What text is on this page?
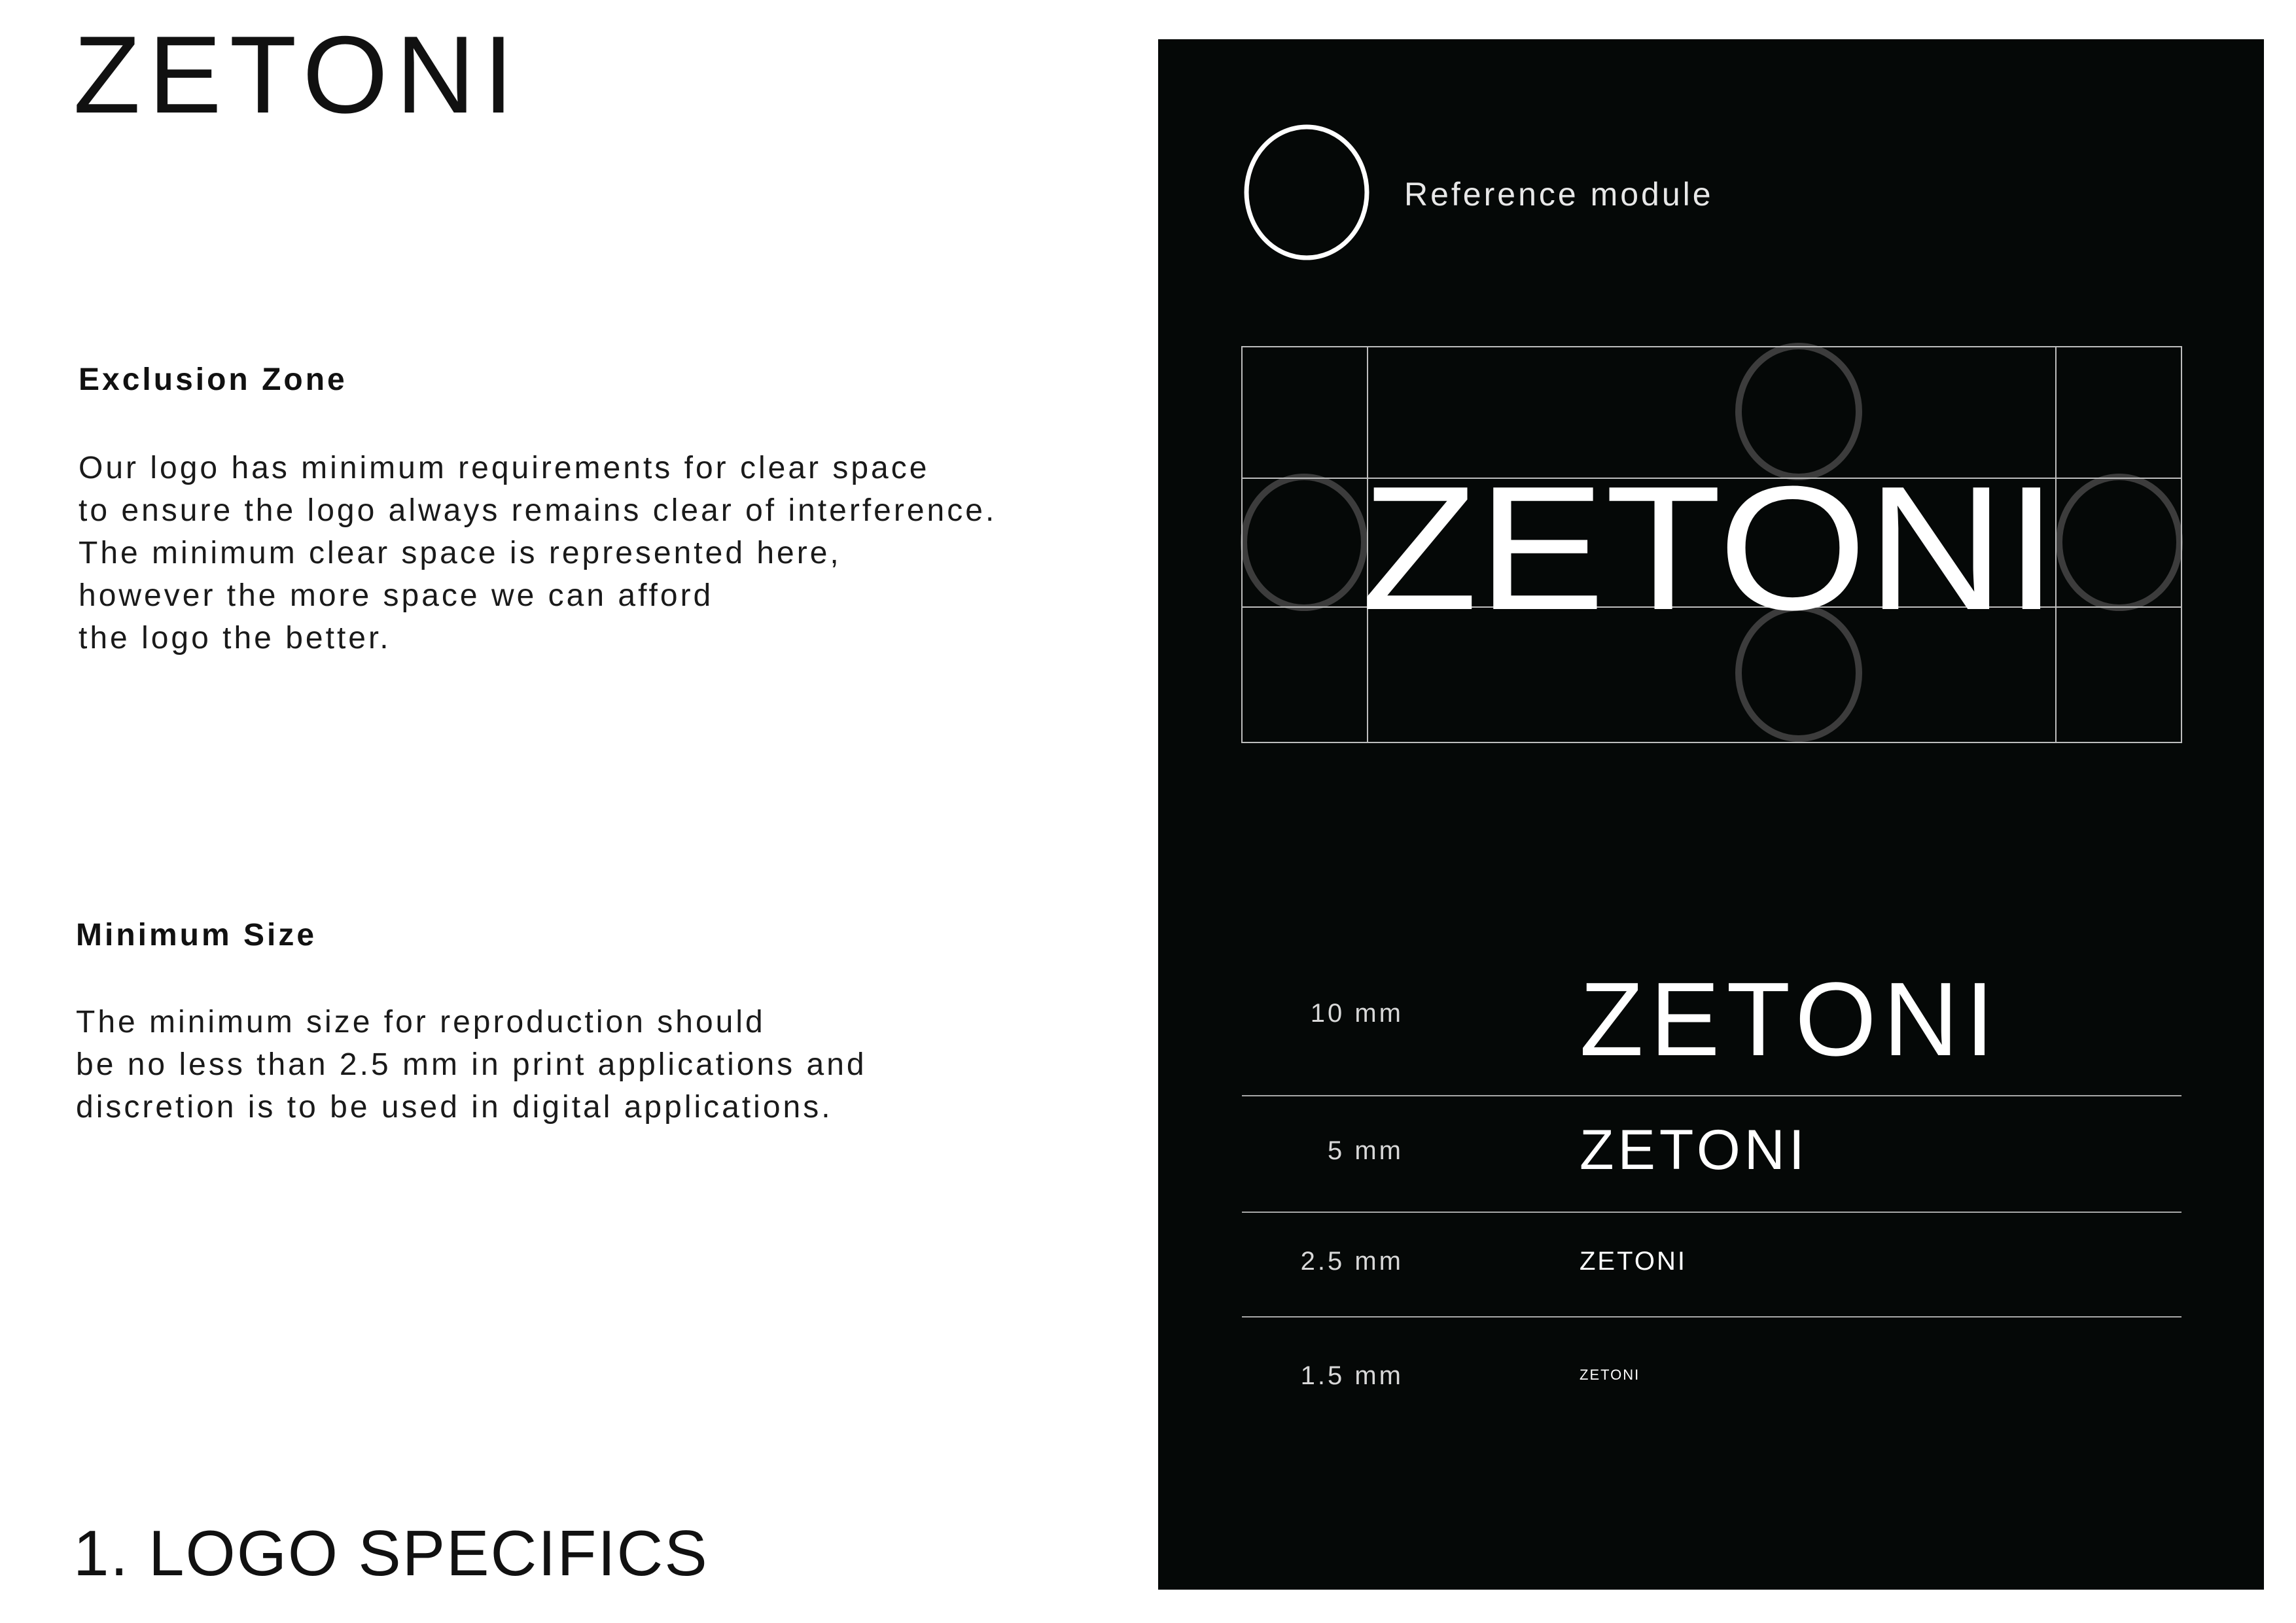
ZETONI
Exclusion Zone
Our logo has minimum requirements for clear space
to ensure the logo always remains clear of interference.
The minimum clear space is represented here,
however the more space we can afford
the logo the better.
Minimum Size
The minimum size for reproduction should
be no less than 2.5 mm in print applications and
discretion is to be used in digital applications.
1. LOGO SPECIFICS
ZETONI
Reference module
10 mm ZETONI
5 mm	ZETONI
2.5 mm	ZETONI
1.5 mm	ZETONI
